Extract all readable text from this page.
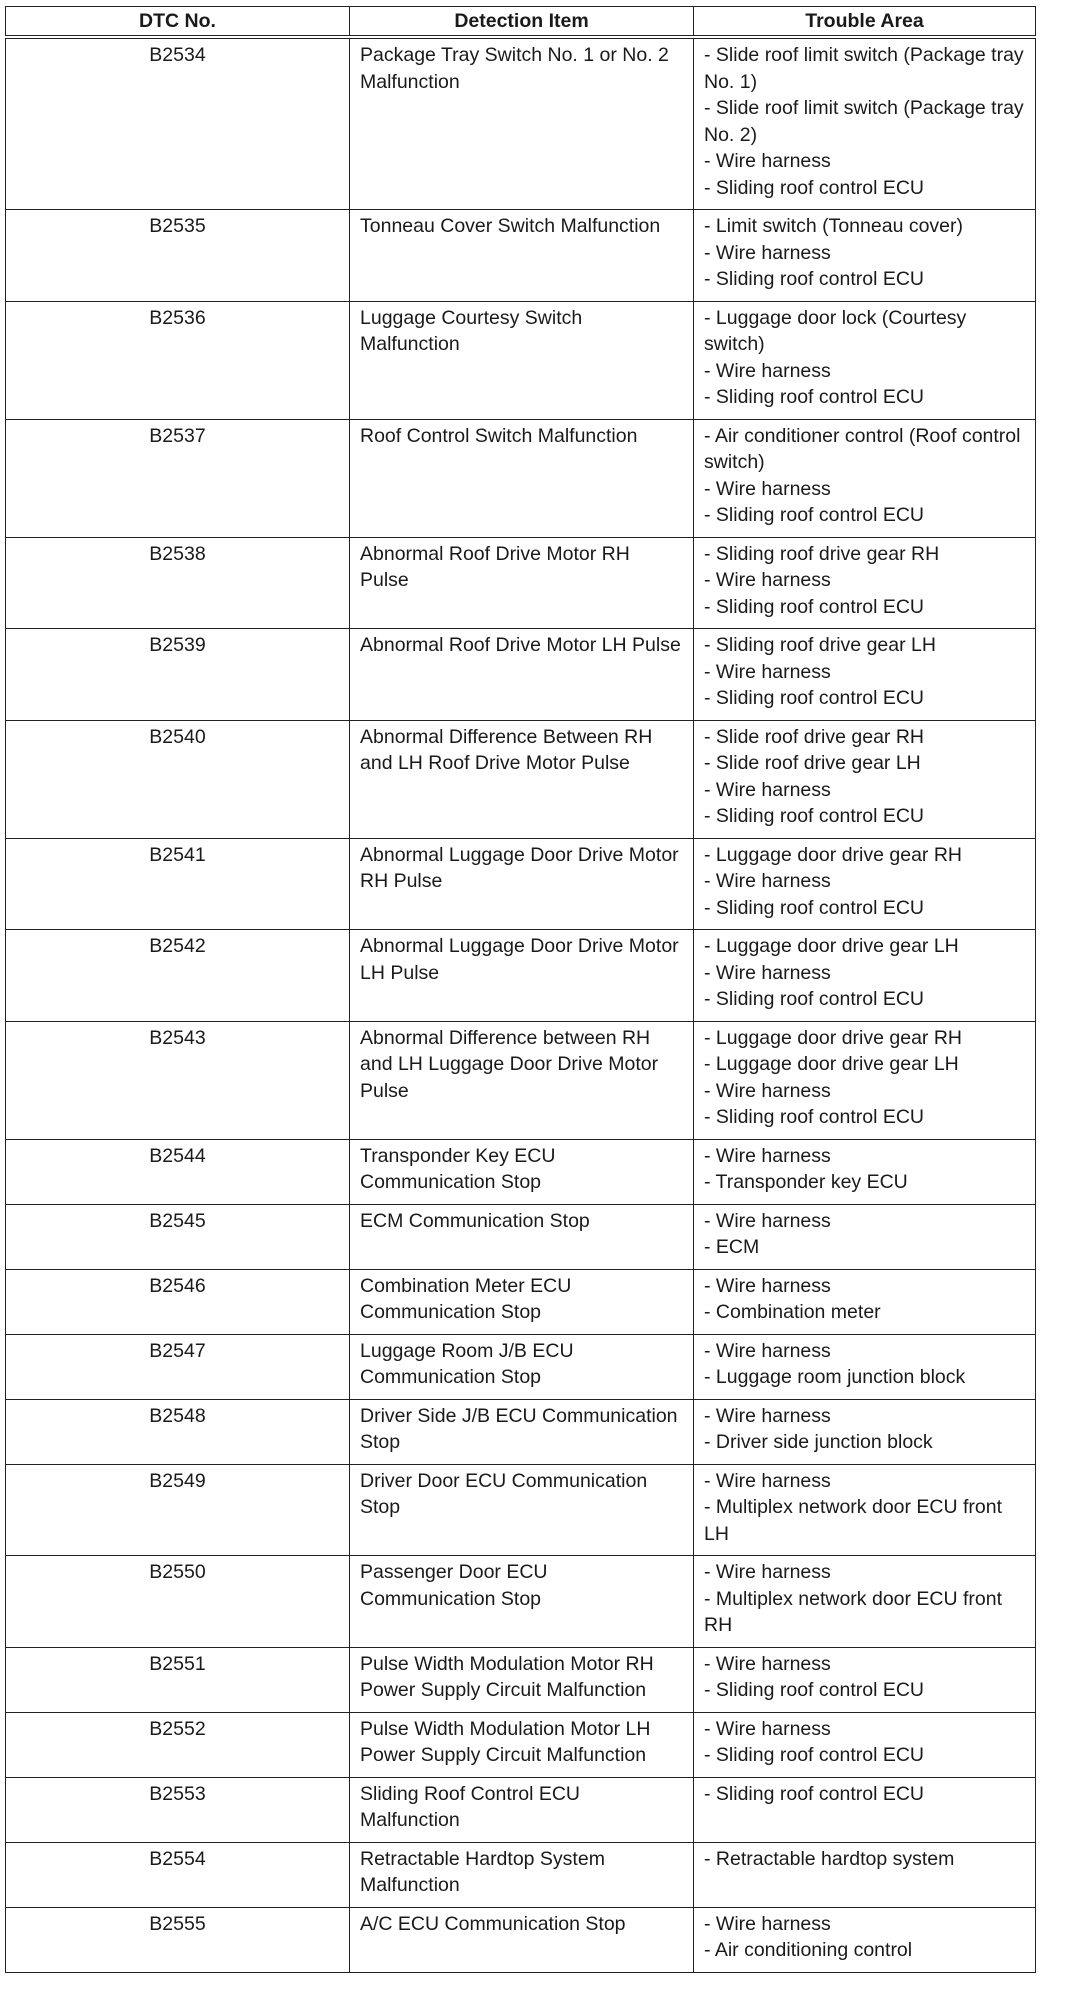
DTC No.	Detection Item	Trouble Area
B2534	Package Tray Switch No. 1 or No. 2 Malfunction	- Slide roof limit switch (Package tray No. 1)
- Slide roof limit switch (Package tray No. 2)
- Wire harness
- Sliding roof control ECU

B2535	Tonneau Cover Switch Malfunction	- Limit switch (Tonneau cover)
- Wire harness
- Sliding roof control ECU

B2536	Luggage Courtesy Switch Malfunction	- Luggage door lock (Courtesy switch)
- Wire harness
- Sliding roof control ECU

B2537	Roof Control Switch Malfunction	- Air conditioner control (Roof control switch)
- Wire harness
- Sliding roof control ECU

B2538	Abnormal Roof Drive Motor RH Pulse	- Sliding roof drive gear RH
- Wire harness
- Sliding roof control ECU

B2539	Abnormal Roof Drive Motor LH Pulse	- Sliding roof drive gear LH
- Wire harness
- Sliding roof control ECU

B2540	Abnormal Difference Between RH and LH Roof Drive Motor Pulse	- Slide roof drive gear RH
- Slide roof drive gear LH
- Wire harness
- Sliding roof control ECU

B2541	Abnormal Luggage Door Drive Motor RH Pulse	- Luggage door drive gear RH
- Wire harness
- Sliding roof control ECU

B2542	Abnormal Luggage Door Drive Motor LH Pulse	- Luggage door drive gear LH
- Wire harness
- Sliding roof control ECU

B2543	Abnormal Difference between RH and LH Luggage Door Drive Motor Pulse	- Luggage door drive gear RH
- Luggage door drive gear LH
- Wire harness
- Sliding roof control ECU

B2544	Transponder Key ECU Communication Stop	- Wire harness
- Transponder key ECU

B2545	ECM Communication Stop	- Wire harness
- ECM

B2546	Combination Meter ECU Communication Stop	- Wire harness
- Combination meter

B2547	Luggage Room J/B ECU Communication Stop	- Wire harness
- Luggage room junction block

B2548	Driver Side J/B ECU Communication Stop	- Wire harness
- Driver side junction block

B2549	Driver Door ECU Communication Stop	- Wire harness
- Multiplex network door ECU front LH

B2550	Passenger Door ECU Communication Stop	- Wire harness
- Multiplex network door ECU front RH

B2551	Pulse Width Modulation Motor RH Power Supply Circuit Malfunction	- Wire harness
- Sliding roof control ECU

B2552	Pulse Width Modulation Motor LH Power Supply Circuit Malfunction	- Wire harness
- Sliding roof control ECU

B2553	Sliding Roof Control ECU Malfunction	- Sliding roof control ECU

B2554	Retractable Hardtop System Malfunction	- Retractable hardtop system

B2555	A/C ECU Communication Stop	- Wire harness
- Air conditioning control
